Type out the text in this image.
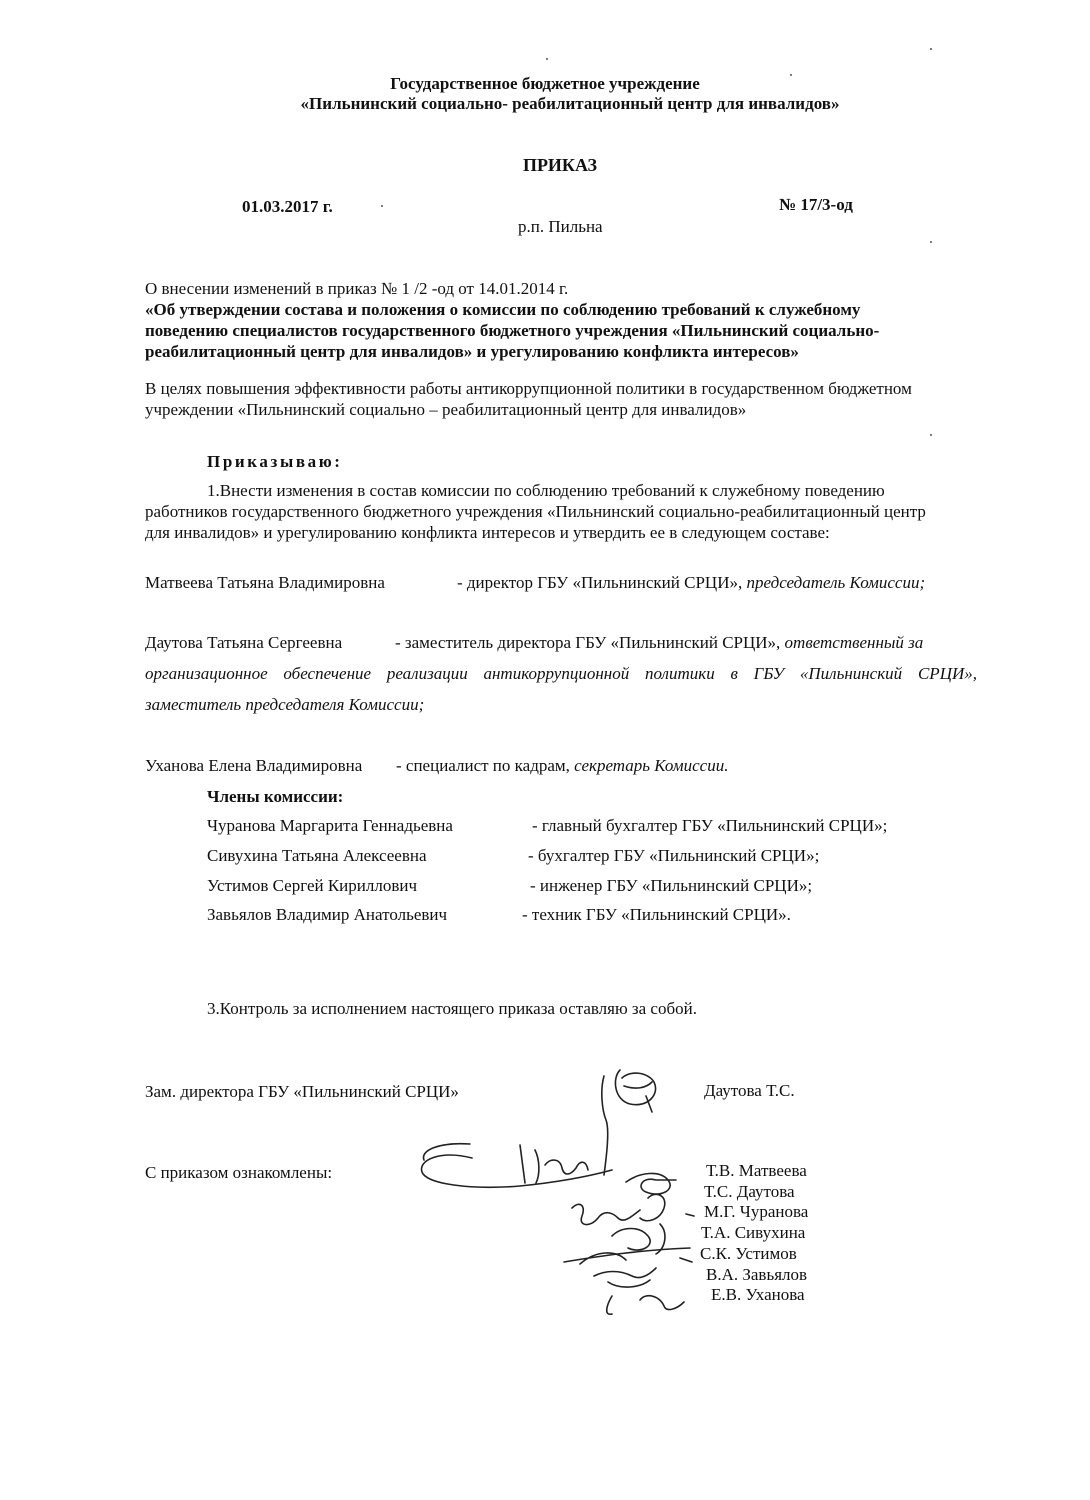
Государственное бюджетное учреждение
«Пильнинский социально- реабилитационный центр для инвалидов»
ПРИКАЗ
01.03.2017 г.	№ 17/3-од
р.п. Пильна
О внесении изменений в приказ № 1 /2 -од от 14.01.2014 г.
«Об утверждении состава и положения о комиссии по соблюдению требований к служебному
поведению специалистов государственного бюджетного учреждения «Пильнинский социально-
реабилитационный центр для инвалидов» и урегулированию конфликта интересов»
В целях повышения эффективности работы антикоррупционной политики в государственном бюджетном
учреждении «Пильнинский социально – реабилитационный центр для инвалидов»
Приказываю:
1.Внести изменения в состав комиссии по соблюдению требований к служебному поведению
работников государственного бюджетного учреждения «Пильнинский социально-реабилитационный центр
для инвалидов» и урегулированию конфликта интересов и утвердить ее в следующем составе:
Матвеева Татьяна Владимировна	- директор ГБУ «Пильнинский СРЦИ», председатель Комиссии;
Даутова Татьяна Сергеевна	- заместитель директора ГБУ «Пильнинский СРЦИ», ответственный за
организационное обеспечение реализации антикоррупционной политики в ГБУ «Пильнинский СРЦИ»,
заместитель председателя Комиссии;
Уханова Елена Владимировна - специалист по кадрам, секретарь Комиссии.
Члены комиссии:
Чуранова Маргарита Геннадьевна	- главный бухгалтер ГБУ «Пильнинский СРЦИ»;
Сивухина Татьяна Алексеевна	- бухгалтер ГБУ «Пильнинский СРЦИ»;
Устимов Сергей Кириллович	- инженер ГБУ «Пильнинский СРЦИ»;
Завьялов Владимир Анатольевич	- техник ГБУ «Пильнинский СРЦИ».
3.Контроль за исполнением настоящего приказа оставляю за собой.
Зам. директора ГБУ «Пильнинский СРЦИ»	Даутова Т.С.
С приказом ознакомлены:	Т.В. Матвеева
Т.С. Даутова
М.Г. Чуранова
Т.А. Сивухина
С.К. Устимов
В.А. Завьялов
Е.В. Уханова
